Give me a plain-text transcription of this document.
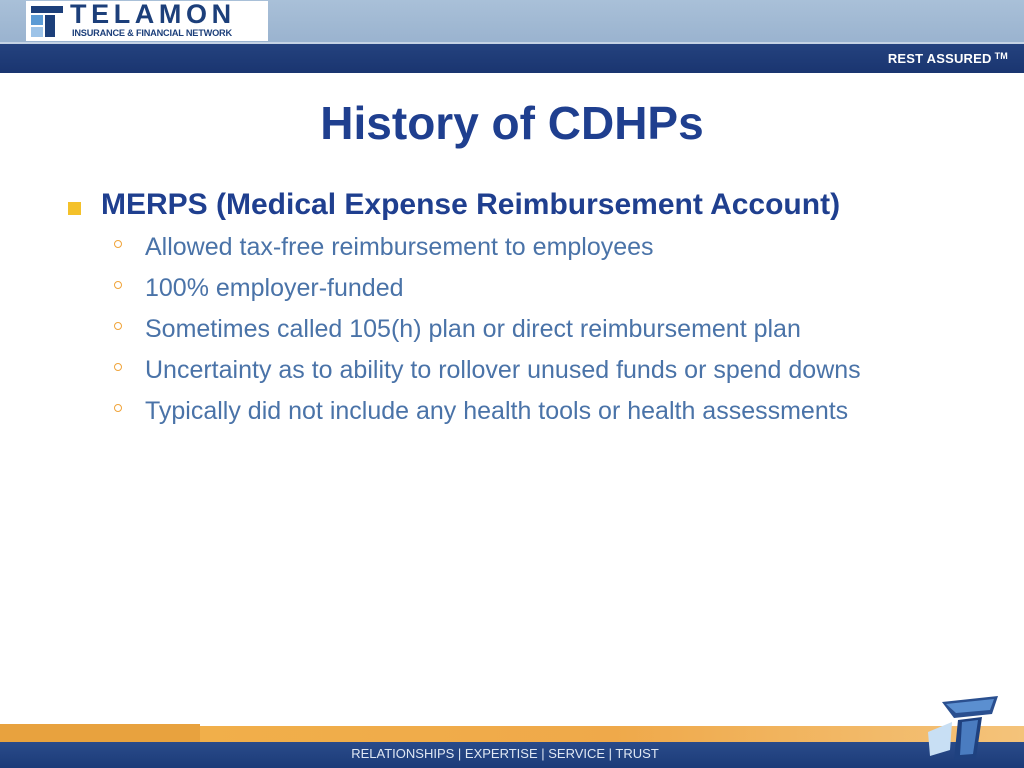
TELAMON
INSURANCE & FINANCIAL NETWORK
REST ASSURED ™
History of CDHPs
MERPS (Medical Expense Reimbursement Account)
Allowed tax-free reimbursement to employees
100% employer-funded
Sometimes called 105(h) plan or direct reimbursement plan
Uncertainty as to ability to rollover unused funds or spend downs
Typically did not include any health tools or health assessments
RELATIONSHIPS | EXPERTISE | SERVICE | TRUST
